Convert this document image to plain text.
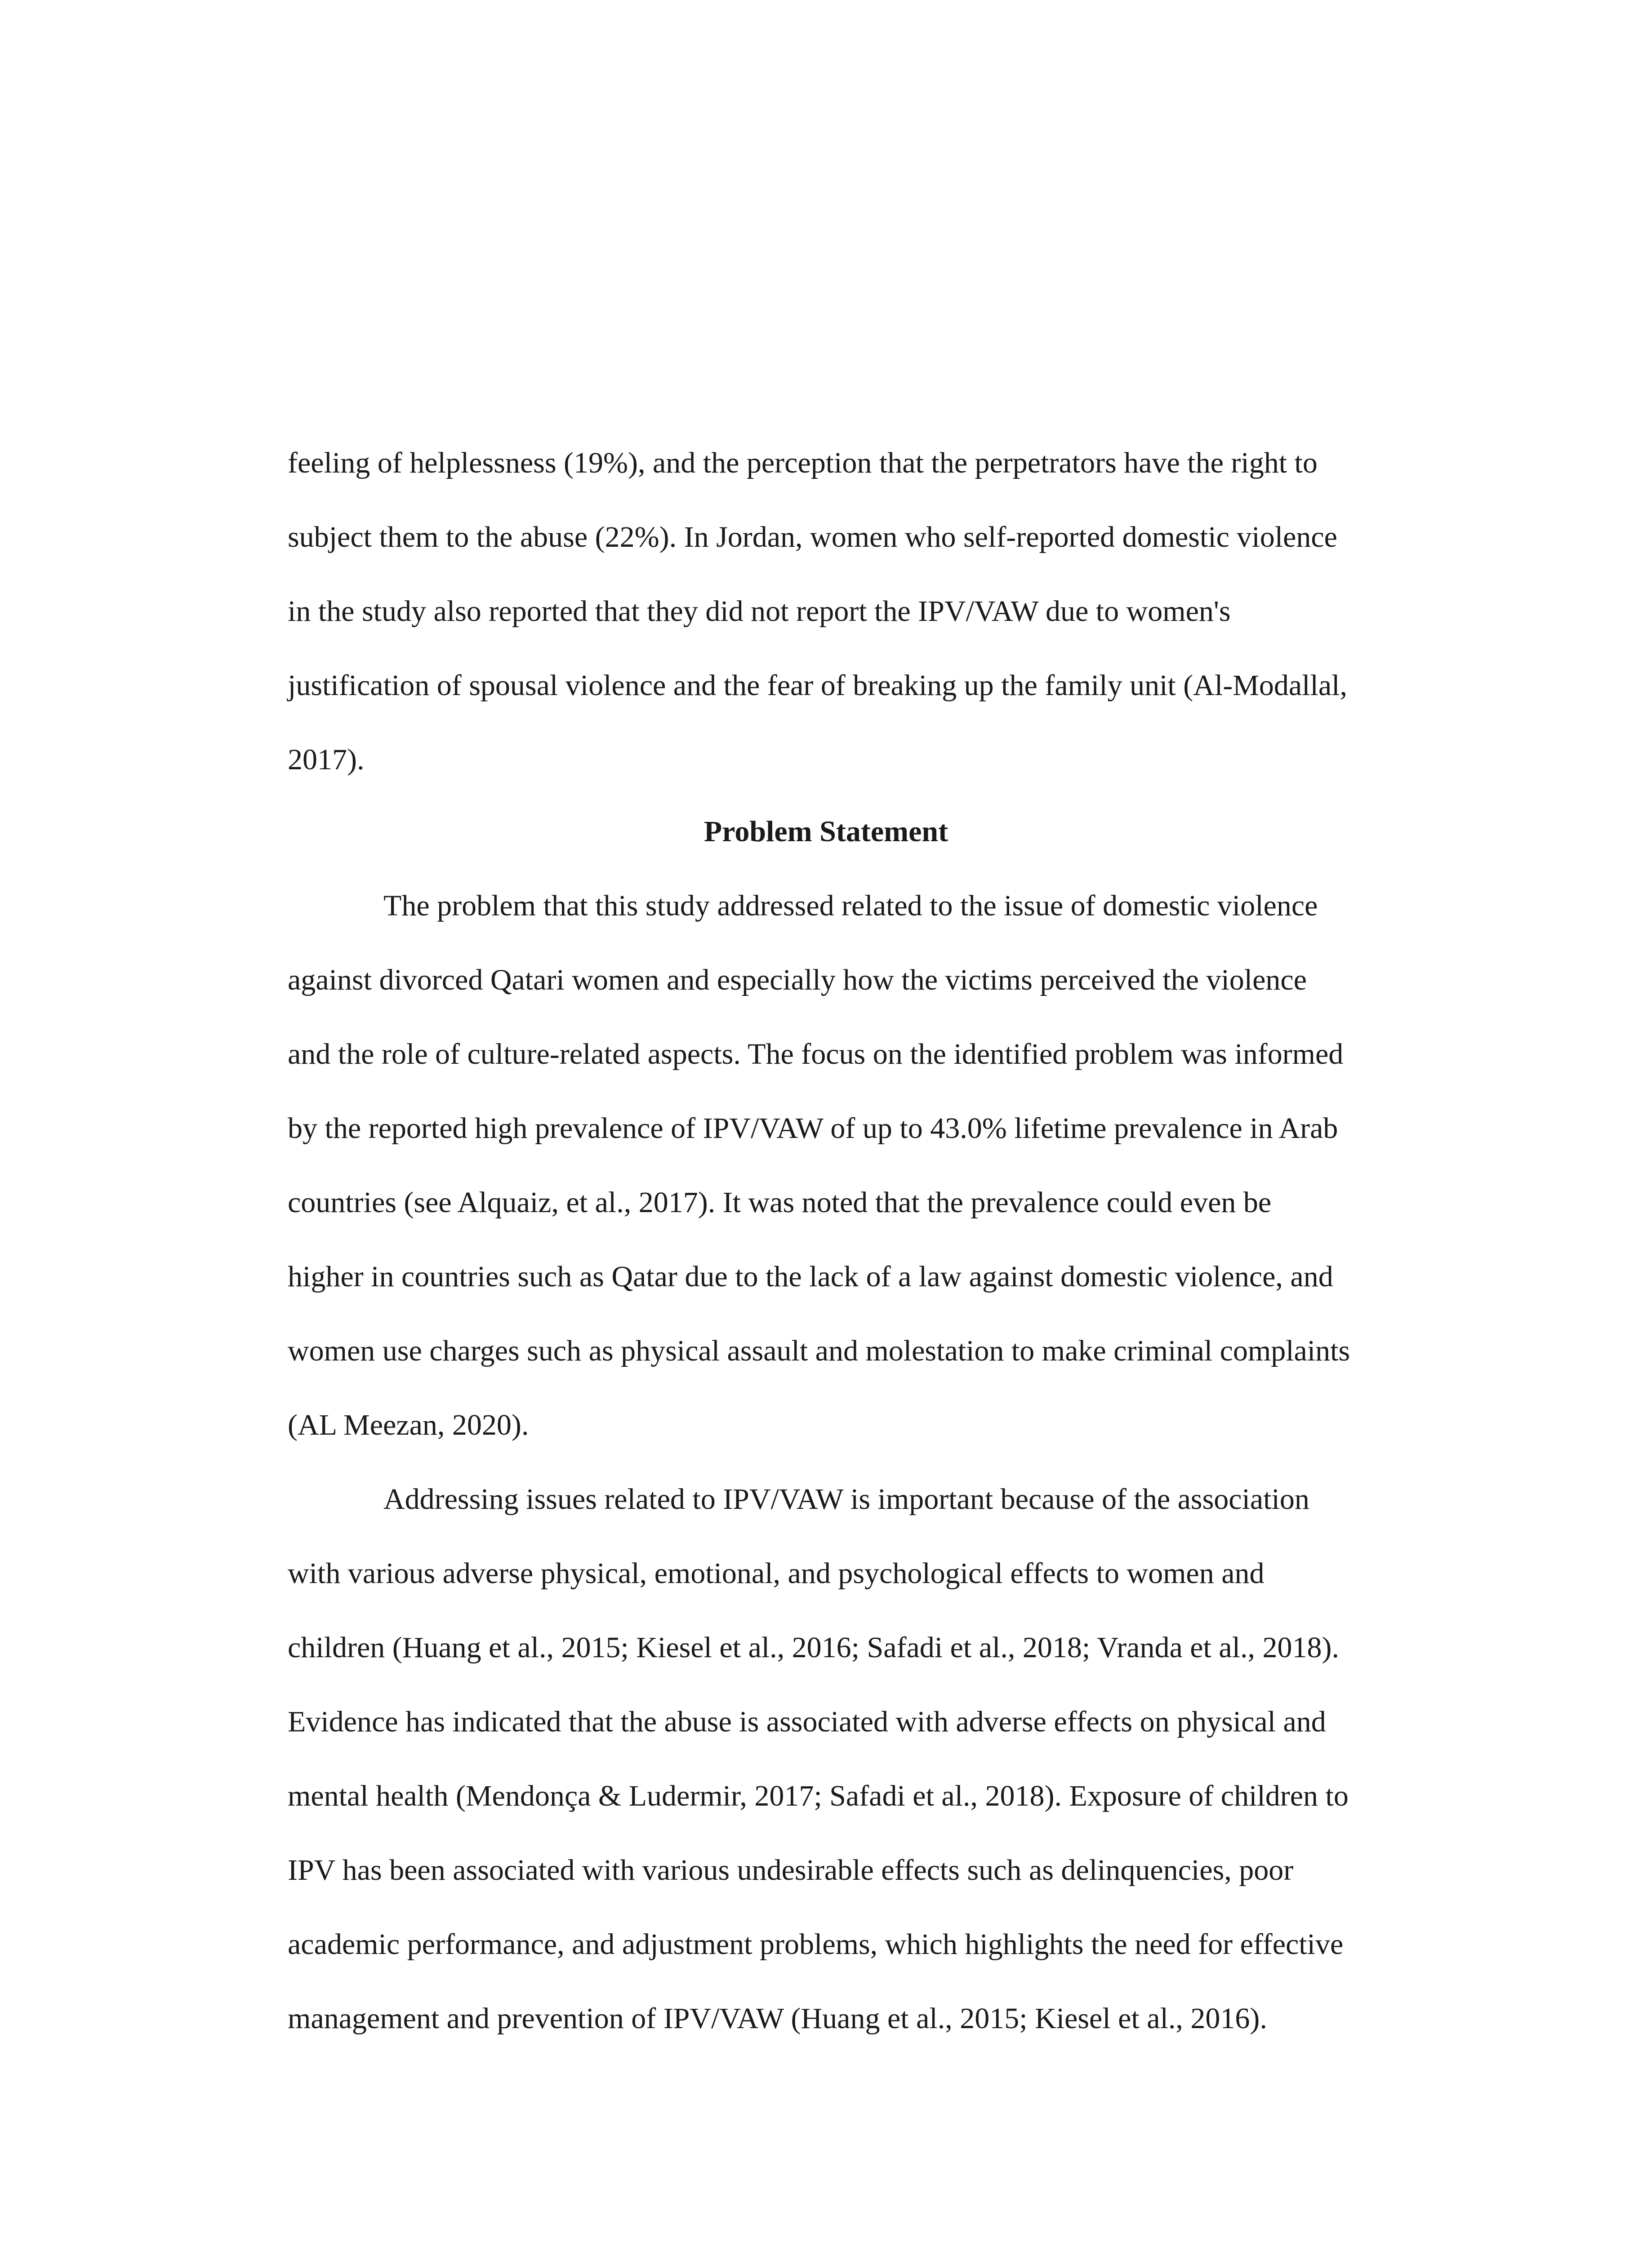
feeling of helplessness (19%), and the perception that the perpetrators have the right to
subject them to the abuse (22%). In Jordan, women who self-reported domestic violence
in the study also reported that they did not report the IPV/VAW due to women's
justification of spousal violence and the fear of breaking up the family unit (Al-Modallal,
2017).
Problem Statement
The problem that this study addressed related to the issue of domestic violence
against divorced Qatari women and especially how the victims perceived the violence
and the role of culture-related aspects. The focus on the identified problem was informed
by the reported high prevalence of IPV/VAW of up to 43.0% lifetime prevalence in Arab
countries (see Alquaiz, et al., 2017). It was noted that the prevalence could even be
higher in countries such as Qatar due to the lack of a law against domestic violence, and
women use charges such as physical assault and molestation to make criminal complaints
(AL Meezan, 2020).
Addressing issues related to IPV/VAW is important because of the association
with various adverse physical, emotional, and psychological effects to women and
children (Huang et al., 2015; Kiesel et al., 2016; Safadi et al., 2018; Vranda et al., 2018).
Evidence has indicated that the abuse is associated with adverse effects on physical and
mental health (Mendonça & Ludermir, 2017; Safadi et al., 2018). Exposure of children to
IPV has been associated with various undesirable effects such as delinquencies, poor
academic performance, and adjustment problems, which highlights the need for effective
management and prevention of IPV/VAW (Huang et al., 2015; Kiesel et al., 2016).
